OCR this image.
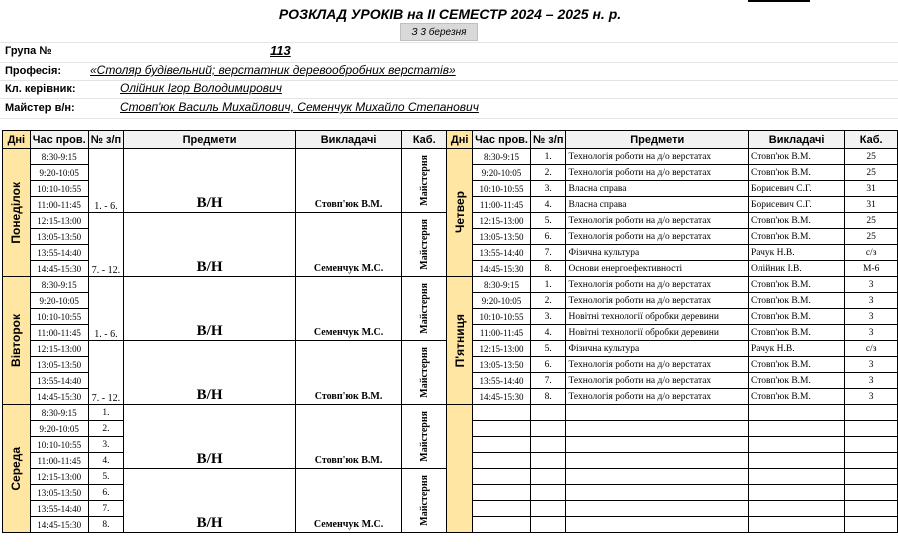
РОЗКЛАД УРОКІВ на ІІ СЕМЕСТР 2024 – 2025 н. р.
З 3 березня
Група №	113
Професія:	«Столяр будівельний; верстатник деревообробних верстатів»
Кл. керівник:	Олійник Ігор Володимирович
Майстер в/н:	Стовп'юк Василь Михайлович, Семенчук Михайло Степанович
Дні	Час пров.	№ з/п	Предмети	Викладачі	Каб.	Дні	Час пров.	№ з/п	Предмети	Викладачі	Каб.

Понеділок	8:30-9:15	1. - 6.	В/Н	Стовп'юк В.М.	Майстерня	Четвер	8:30-9:15	1.	Технологія роботи на д/о верстатах	Стовп'юк В.М.	25
	9:20-10:05						9:20-10:05	2.	Технологія роботи на д/о верстатах	Стовп'юк В.М.	25
	10:10-10:55						10:10-10:55	3.	Власна справа	Борисевич С.Г.	31
	11:00-11:45						11:00-11:45	4.	Власна справа	Борисевич С.Г.	31
	12:15-13:00	7. - 12.	В/Н	Семенчук М.С.	Майстерня		12:15-13:00	5.	Технологія роботи на д/о верстатах	Стовп'юк В.М.	25
	13:05-13:50						13:05-13:50	6.	Технологія роботи на д/о верстатах	Стовп'юк В.М.	25
	13:55-14:40						13:55-14:40	7.	Фізична культура	Рачук Н.В.	с/з
	14:45-15:30						14:45-15:30	8.	Основи енергоефективності	Олійник І.В.	М-6

Вівторок	8:30-9:15	1. - 6.	В/Н	Семенчук М.С.	Майстерня	П'ятниця	8:30-9:15	1.	Технологія роботи на д/о верстатах	Стовп'юк В.М.	3
	9:20-10:05						9:20-10:05	2.	Технологія роботи на д/о верстатах	Стовп'юк В.М.	3
	10:10-10:55						10:10-10:55	3.	Новітні технології обробки деревини	Стовп'юк В.М.	3
	11:00-11:45						11:00-11:45	4.	Новітні технології обробки деревини	Стовп'юк В.М.	3
	12:15-13:00	7. - 12.	В/Н	Стовп'юк В.М.	Майстерня		12:15-13:00	5.	Фізична культура	Рачук Н.В.	с/з
	13:05-13:50						13:05-13:50	6.	Технологія роботи на д/о верстатах	Стовп'юк В.М.	3
	13:55-14:40						13:55-14:40	7.	Технологія роботи на д/о верстатах	Стовп'юк В.М.	3
	14:45-15:30						14:45-15:30	8.	Технологія роботи на д/о верстатах	Стовп'юк В.М.	3

Середа	8:30-9:15	1.	В/Н	Стовп'юк В.М.	Майстерня						

	9:20-10:05	2.									
	10:10-10:55	3.									
	11:00-11:45	4.									
	12:15-13:00	5.	В/Н	Семенчук М.С.	Майстерня						

	13:05-13:50	6.									
	13:55-14:40	7.									
	14:45-15:30	8.									
